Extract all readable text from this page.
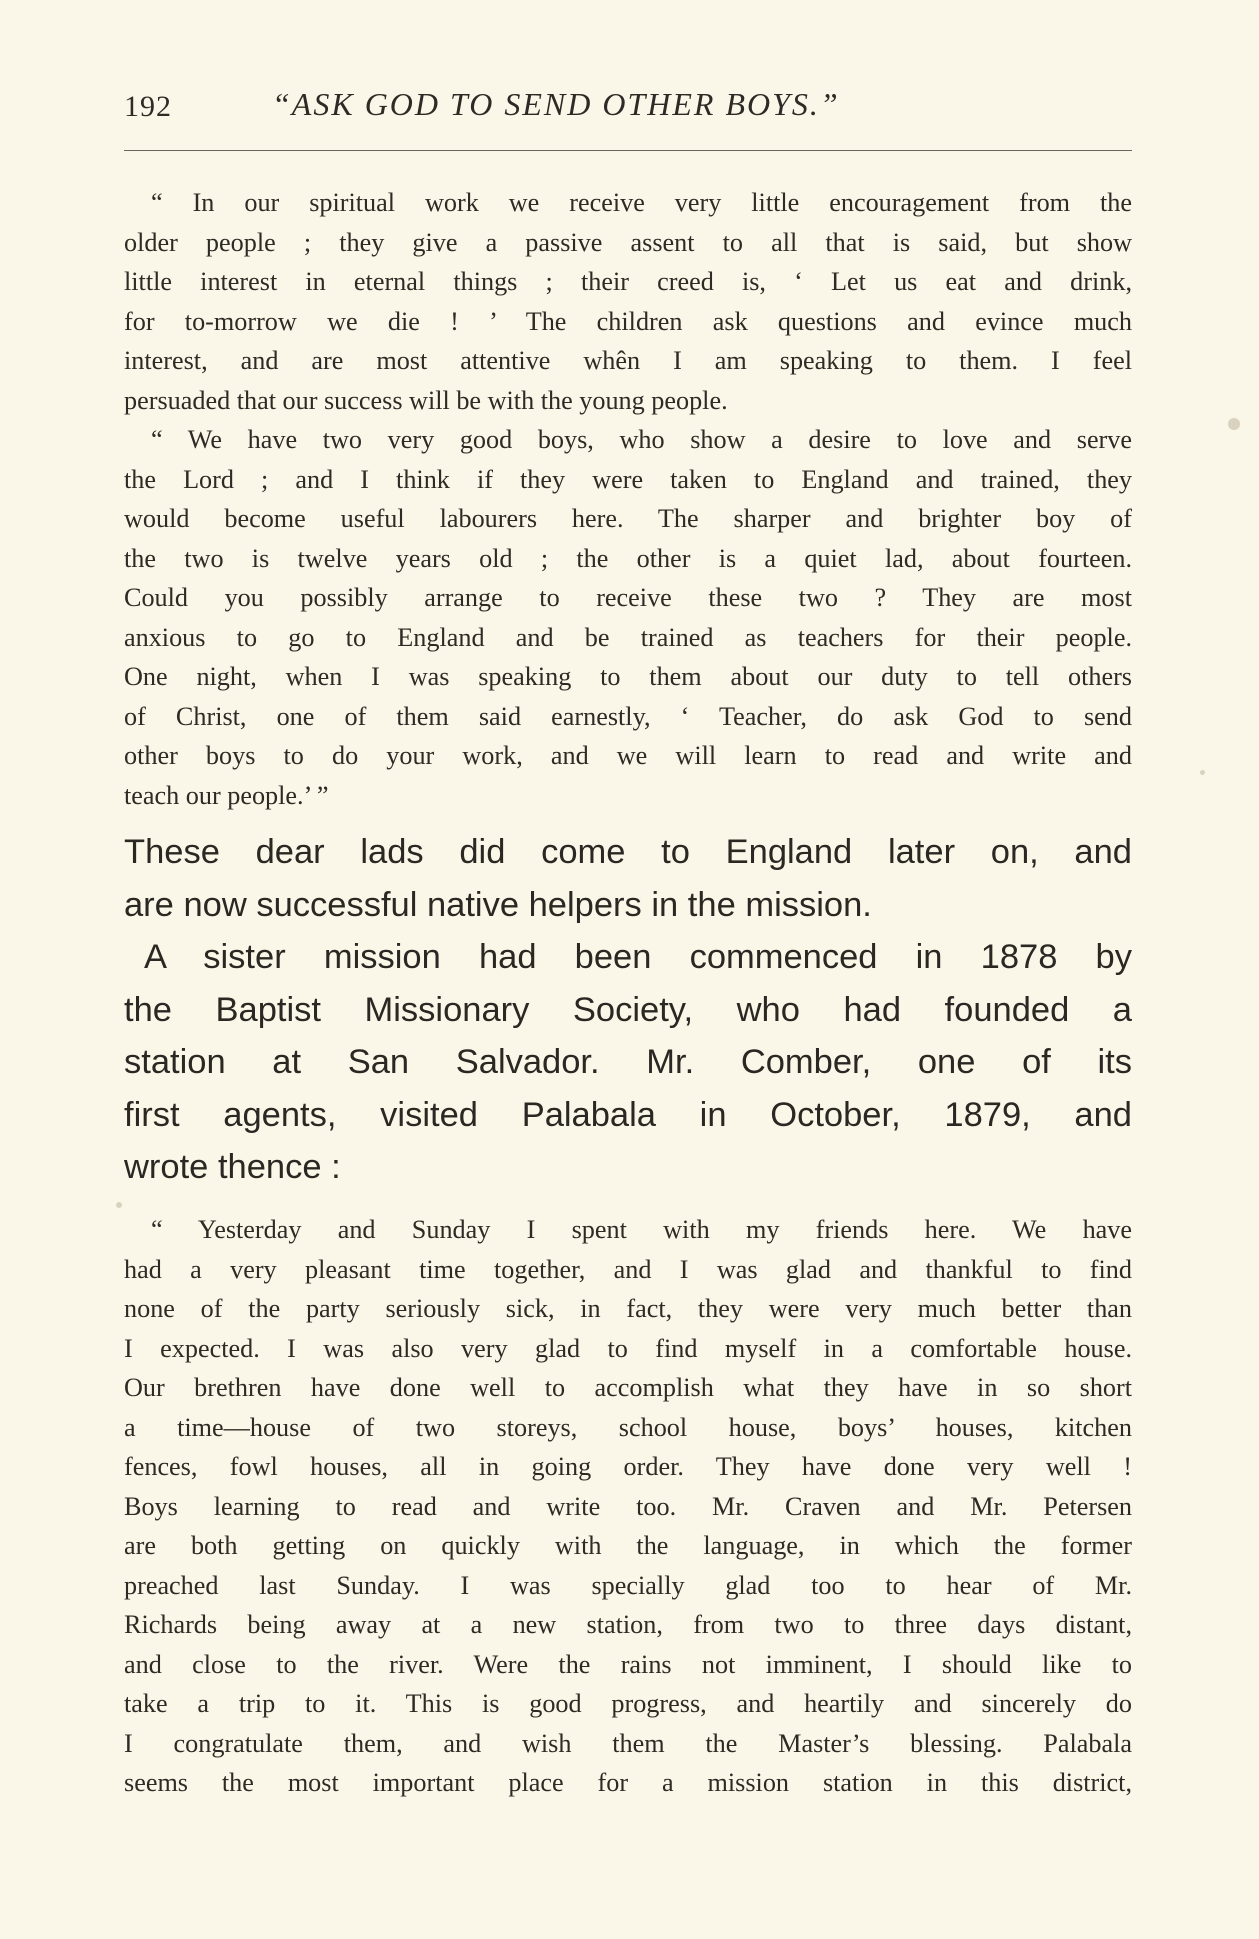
192	“ASK GOD TO SEND OTHER BOYS.”

“ In our spiritual work we receive very little encouragement from the

older people ; they give a passive assent to all that is said, but show

little interest in eternal things ; their creed is, ‘ Let us eat and drink,

for to-morrow we die ! ’ The children ask questions and evince much

interest, and are most attentive whên I am speaking to them. I feel

persuaded that our success will be with the young people.

“ We have two very good boys, who show a desire to love and serve

the Lord ; and I think if they were taken to England and trained, they

would become useful labourers here. The sharper and brighter boy of

the two is twelve years old ; the other is a quiet lad, about fourteen.

Could you possibly arrange to receive these two ? They are most

anxious to go to England and be trained as teachers for their people.

One night, when I was speaking to them about our duty to tell others

of Christ, one of them said earnestly, ‘ Teacher, do ask God to send

other boys to do your work, and we will learn to read and write and

teach our people.’ ”

These dear lads did come to England later on, and

are now successful native helpers in the mission.

A sister mission had been commenced in 1878 by

the Baptist Missionary Society, who had founded a

station at San Salvador. Mr. Comber, one of its

first agents, visited Palabala in October, 1879, and

wrote thence :

“ Yesterday and Sunday I spent with my friends here. We have

had a very pleasant time together, and I was glad and thankful to find

none of the party seriously sick, in fact, they were very much better than

I expected. I was also very glad to find myself in a comfortable house.

Our brethren have done well to accomplish what they have in so short

a time—house of two storeys, school house, boys’ houses, kitchen

fences, fowl houses, all in going order. They have done very well !

Boys learning to read and write too. Mr. Craven and Mr. Petersen

are both getting on quickly with the language, in which the former

preached last Sunday. I was specially glad too to hear of Mr.

Richards being away at a new station, from two to three days distant,

and close to the river. Were the rains not imminent, I should like to

take a trip to it. This is good progress, and heartily and sincerely do

I congratulate them, and wish them the Master’s blessing. Palabala

seems the most important place for a mission station in this district,
